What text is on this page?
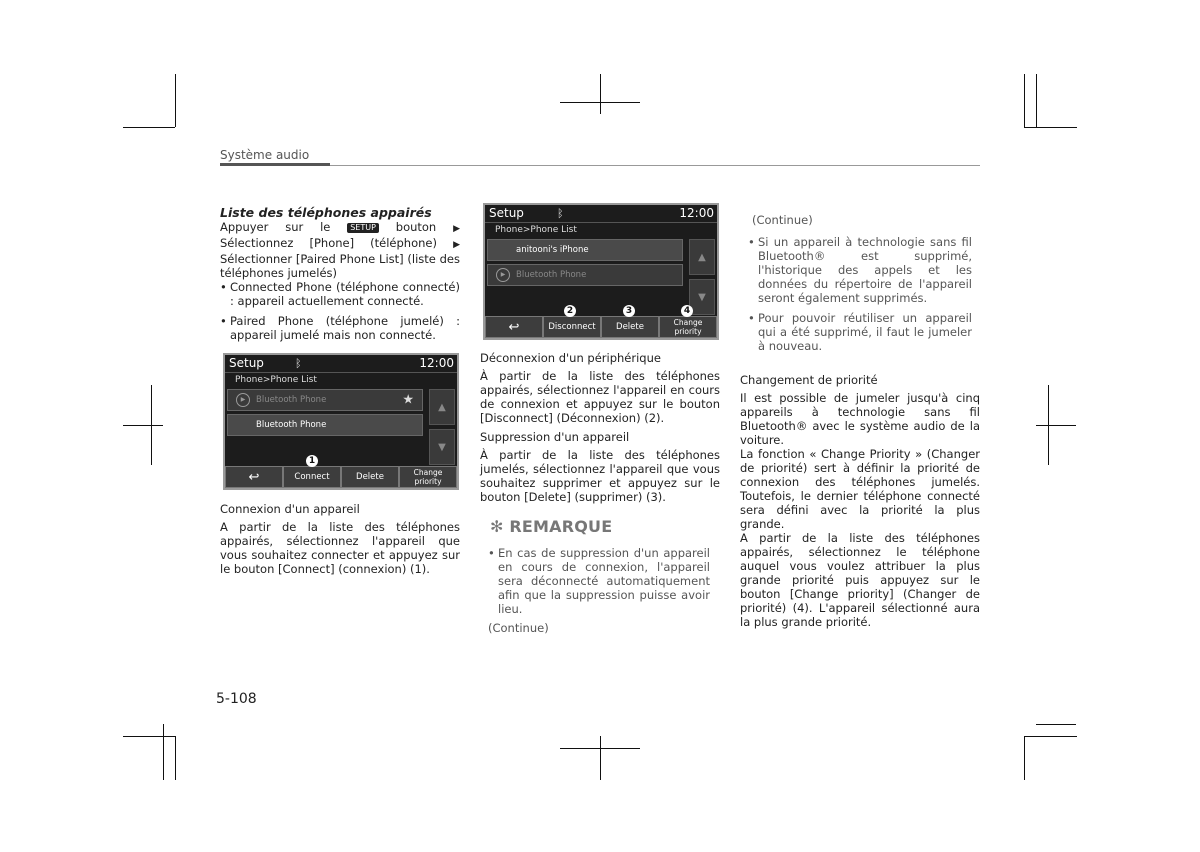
Système audio

Liste des téléphones appairés

Appuyer sur le SETUP bouton ▶ Sélectionnez [Phone] (téléphone) ▶ Sélectionner [Paired Phone List] (liste des téléphones jumelés)

• Connected Phone (téléphone connecté) : appareil actuellement connecté.
• Paired Phone (téléphone jumelé) : appareil jumelé mais non connecté.
Setup	ᛒ	12:00
Phone>Phone List
▶	Bluetooth Phone	★
Bluetooth Phone
▲
▼
↩	Connect	Delete	Change priority
1

Connexion d'un appareil

A partir de la liste des téléphones appairés, sélectionnez l'appareil que vous souhaitez connecter et appuyez sur le bouton [Connect] (connexion) (1).

Setup	ᛒ	12:00
Phone>Phone List
anitooni's iPhone
▶	Bluetooth Phone
▲
▼
↩	Disconnect	Delete	Change priority
2	3	4

Déconnexion d'un périphérique

À partir de la liste des téléphones appairés, sélectionnez l'appareil en cours de connexion et appuyez sur le bouton [Disconnect] (Déconnexion) (2).

Suppression d'un appareil

À partir de la liste des téléphones jumelés, sélectionnez l'appareil que vous souhaitez supprimer et appuyez sur le bouton [Delete] (supprimer) (3).

✻ REMARQUE

• En cas de suppression d'un appareil en cours de connexion, l'appareil sera déconnecté automatiquement afin que la suppression puisse avoir lieu.

(Continue)

(Continue)

• Si un appareil à technologie sans fil Bluetooth® est supprimé, l'historique des appels et les données du répertoire de l'appareil seront également supprimés.
• Pour pouvoir réutiliser un appareil qui a été supprimé, il faut le jumeler à nouveau.

Changement de priorité

Il est possible de jumeler jusqu'à cinq appareils à technologie sans fil Bluetooth® avec le système audio de la voiture.

La fonction « Change Priority » (Changer de priorité) sert à définir la priorité de connexion des téléphones jumelés. Toutefois, le dernier téléphone connecté sera défini avec la priorité la plus grande.

A partir de la liste des téléphones appairés, sélectionnez le téléphone auquel vous voulez attribuer la plus grande priorité puis appuyez sur le bouton [Change priority] (Changer de priorité) (4). L'appareil sélectionné aura la plus grande priorité.

5-108
